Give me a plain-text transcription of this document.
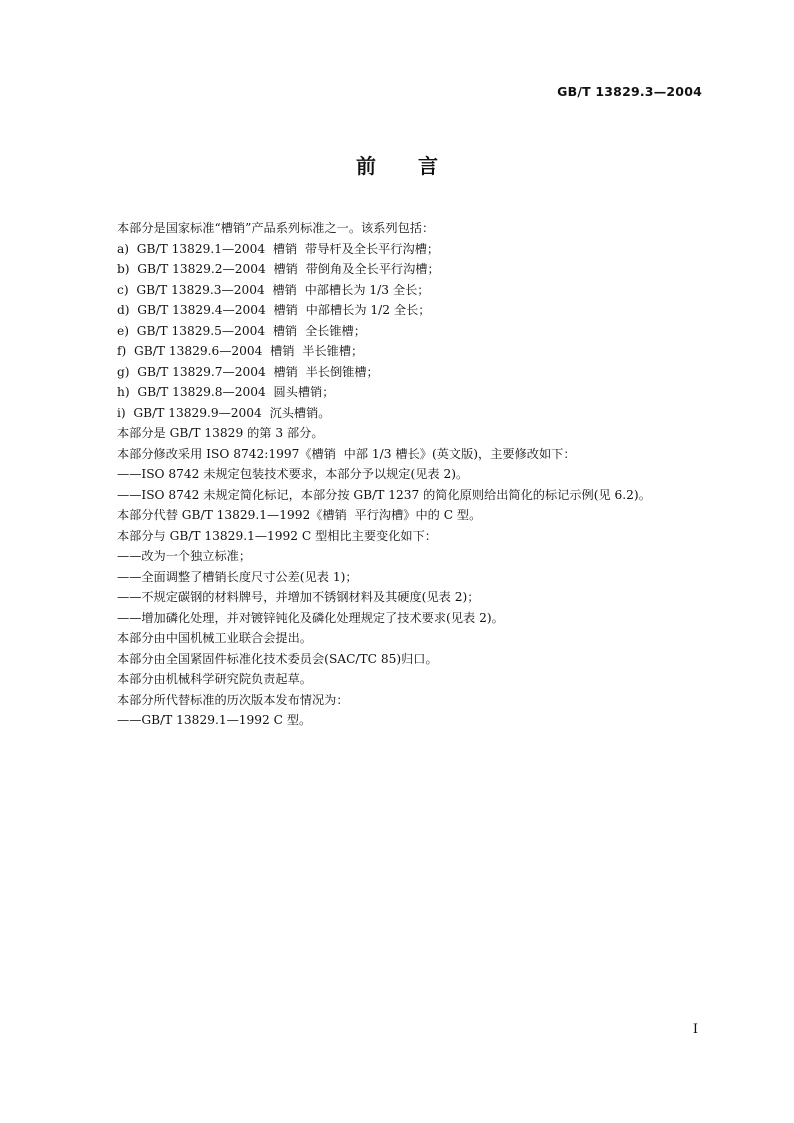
GB/T 13829.3—2004
前言
本部分是国家标准“槽销”产品系列标准之一。该系列包括：
a)  GB/T 13829.1—2004  槽销  带导杆及全长平行沟槽；
b)  GB/T 13829.2—2004  槽销  带倒角及全长平行沟槽；
c)  GB/T 13829.3—2004  槽销  中部槽长为 1/3 全长；
d)  GB/T 13829.4—2004  槽销  中部槽长为 1/2 全长；
e)  GB/T 13829.5—2004  槽销  全长锥槽；
f)  GB/T 13829.6—2004  槽销  半长锥槽；
g)  GB/T 13829.7—2004  槽销  半长倒锥槽；
h)  GB/T 13829.8—2004  圆头槽销；
i)  GB/T 13829.9—2004  沉头槽销。
本部分是 GB/T 13829 的第 3 部分。
本部分修改采用 ISO 8742:1997《槽销  中部 1/3 槽长》(英文版)，主要修改如下：
——ISO 8742 未规定包装技术要求，本部分予以规定(见表 2)。
——ISO 8742 未规定简化标记，本部分按 GB/T 1237 的简化原则给出简化的标记示例(见 6.2)。
本部分代替 GB/T 13829.1—1992《槽销  平行沟槽》中的 C 型。
本部分与 GB/T 13829.1—1992 C 型相比主要变化如下：
——改为一个独立标准；
——全面调整了槽销长度尺寸公差(见表 1)；
——不规定碳钢的材料牌号，并增加不锈钢材料及其硬度(见表 2)；
——增加磷化处理，并对镀锌钝化及磷化处理规定了技术要求(见表 2)。
本部分由中国机械工业联合会提出。
本部分由全国紧固件标准化技术委员会(SAC/TC 85)归口。
本部分由机械科学研究院负责起草。
本部分所代替标准的历次版本发布情况为：
——GB/T 13829.1—1992 C 型。
I
